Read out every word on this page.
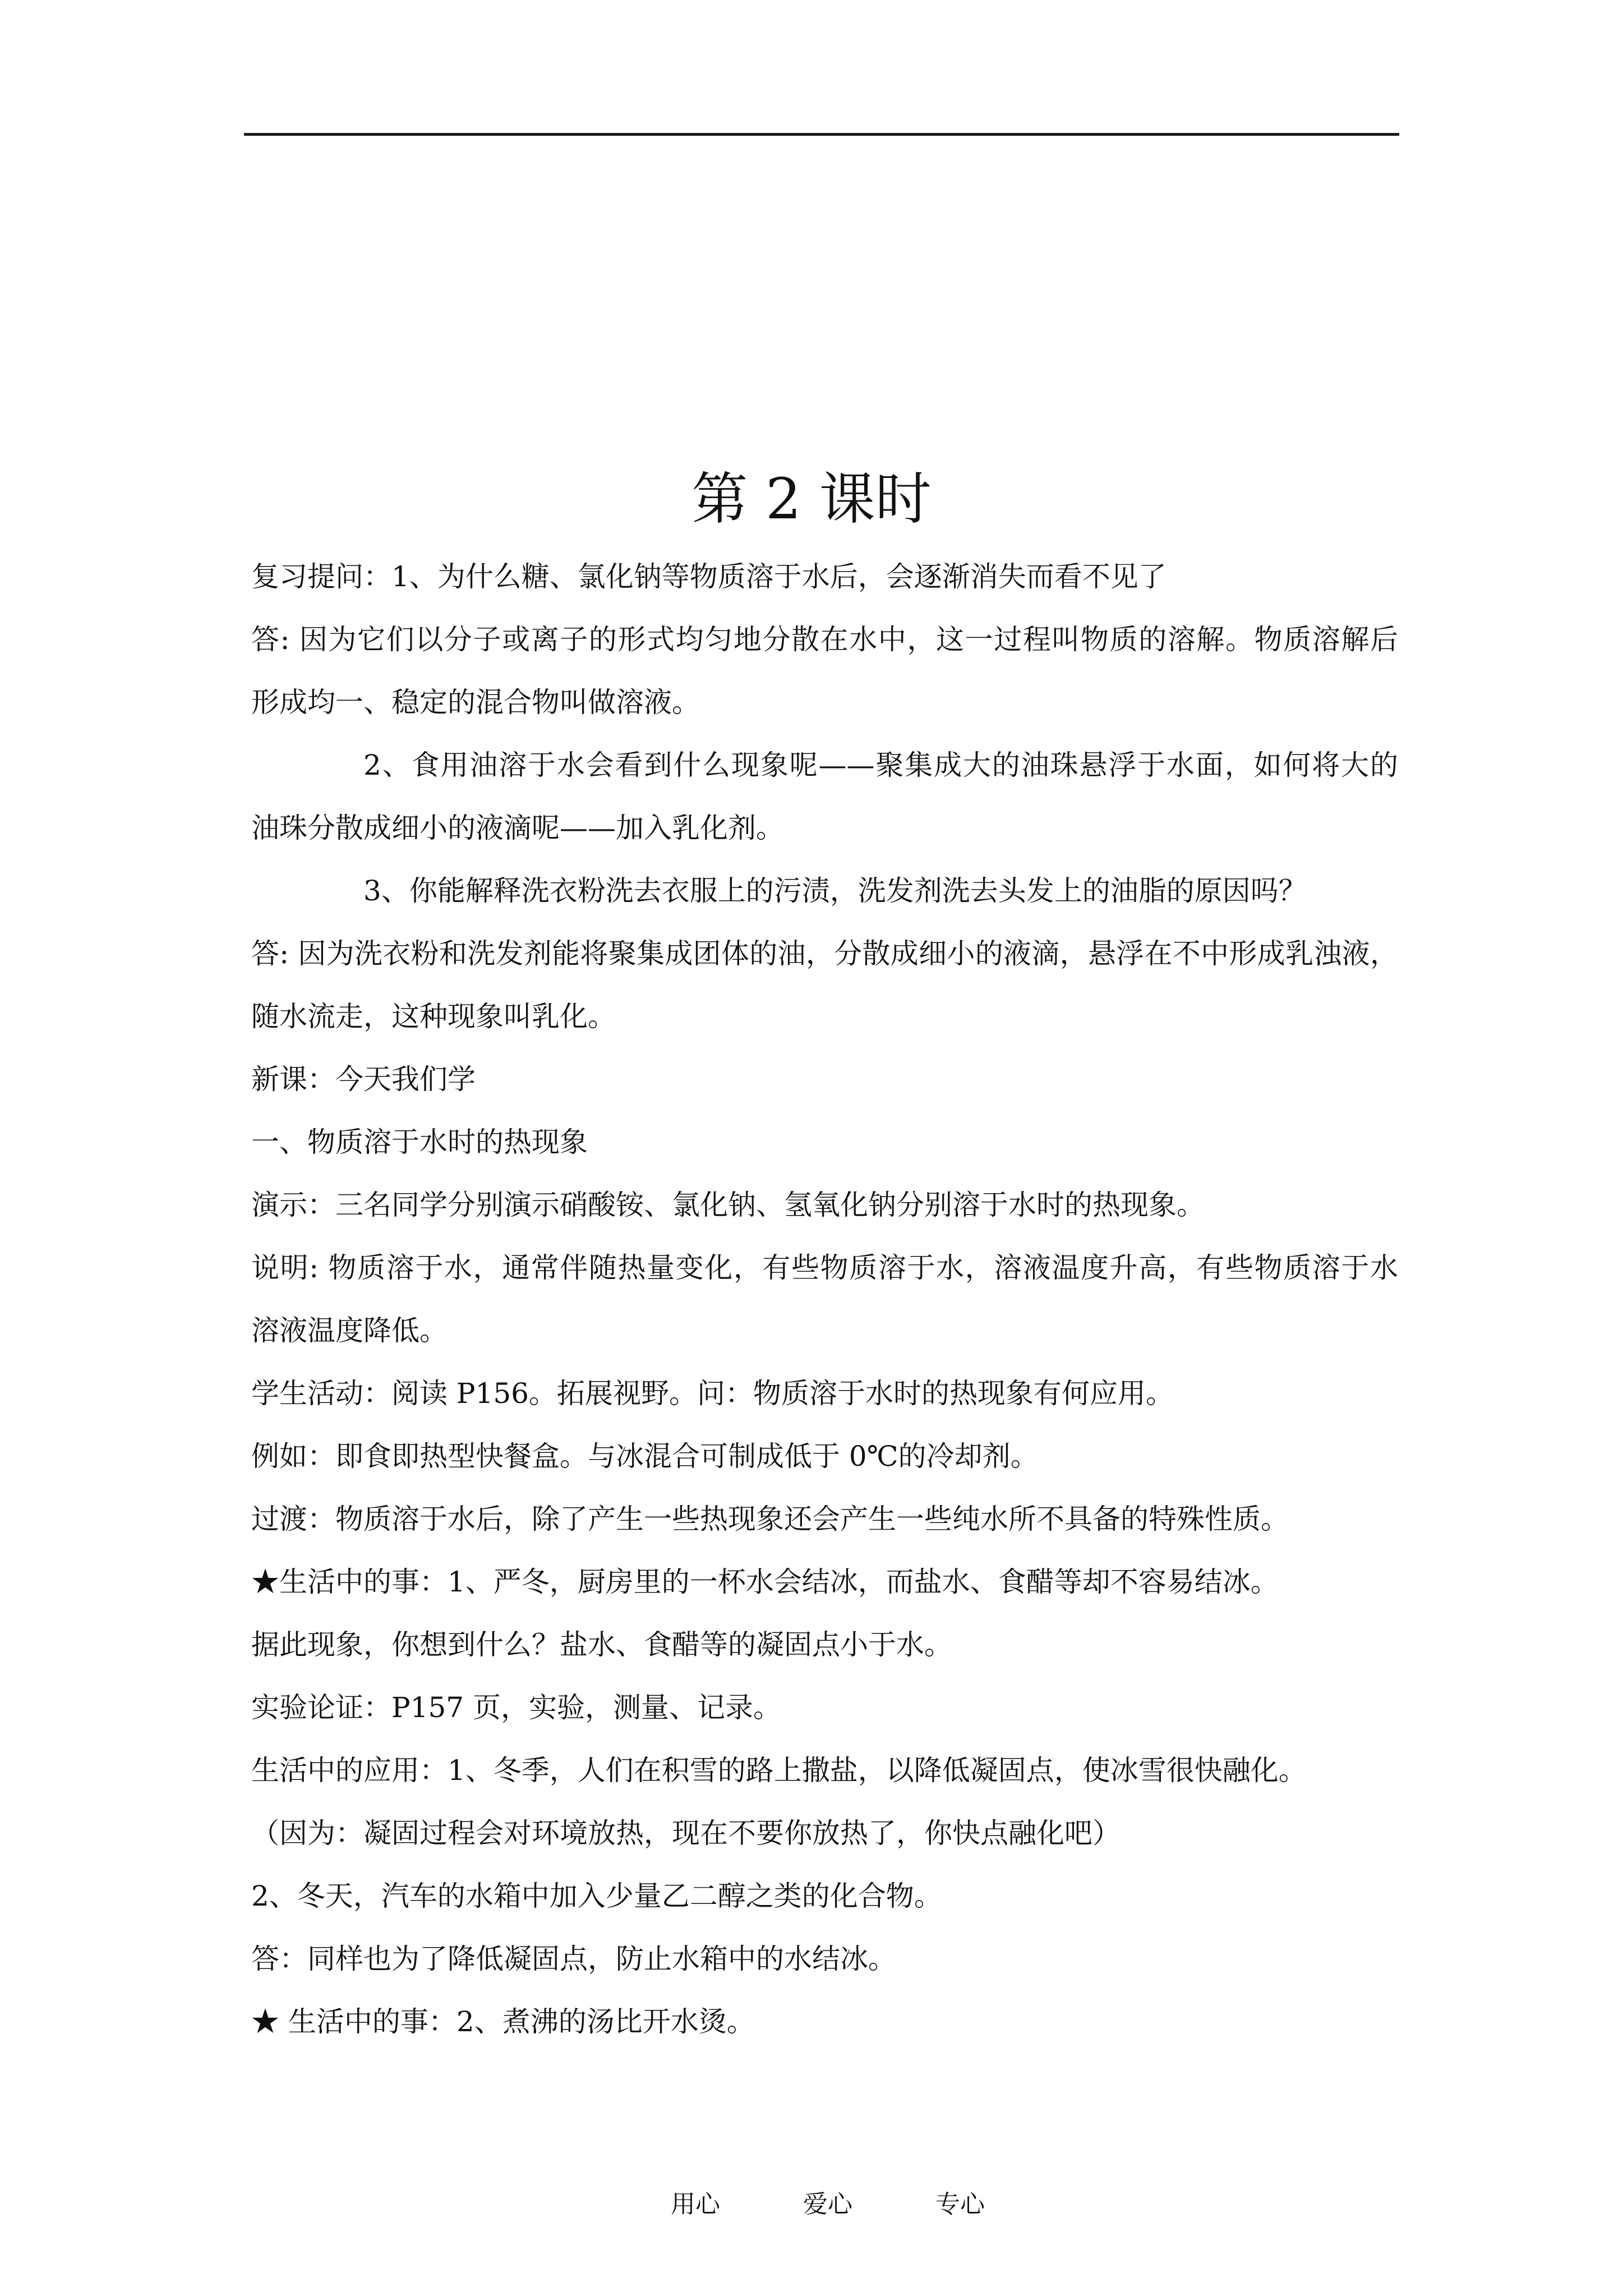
第 2 课时
复习提问：1、为什么糖、氯化钠等物质溶于水后，会逐渐消失而看不见了
答: 因为它们以分子或离子的形式均匀地分散在水中，这一过程叫物质的溶解。物质溶解后
形成均一、稳定的混合物叫做溶液。
2、食用油溶于水会看到什么现象呢——聚集成大的油珠悬浮于水面，如何将大的
油珠分散成细小的液滴呢——加入乳化剂。
3、你能解释洗衣粉洗去衣服上的污渍，洗发剂洗去头发上的油脂的原因吗？
答: 因为洗衣粉和洗发剂能将聚集成团体的油，分散成细小的液滴，悬浮在不中形成乳浊液，
随水流走，这种现象叫乳化。
新课：今天我们学
一、物质溶于水时的热现象
演示：三名同学分别演示硝酸铵、氯化钠、氢氧化钠分别溶于水时的热现象。
说明: 物质溶于水，通常伴随热量变化，有些物质溶于水，溶液温度升高，有些物质溶于水
溶液温度降低。
学生活动：阅读 P156。拓展视野。问：物质溶于水时的热现象有何应用。
例如：即食即热型快餐盒。与冰混合可制成低于 0℃的冷却剂。
过渡：物质溶于水后，除了产生一些热现象还会产生一些纯水所不具备的特殊性质。
★生活中的事：1、严冬，厨房里的一杯水会结冰，而盐水、食醋等却不容易结冰。
据此现象，你想到什么？盐水、食醋等的凝固点小于水。
实验论证：P157 页，实验，测量、记录。
生活中的应用：1、冬季，人们在积雪的路上撒盐，以降低凝固点，使冰雪很快融化。
（因为：凝固过程会对环境放热，现在不要你放热了，你快点融化吧）
2、冬天，汽车的水箱中加入少量乙二醇之类的化合物。
答：同样也为了降低凝固点，防止水箱中的水结冰。
★ 生活中的事：2、煮沸的汤比开水烫。
用心	爱心	专心
